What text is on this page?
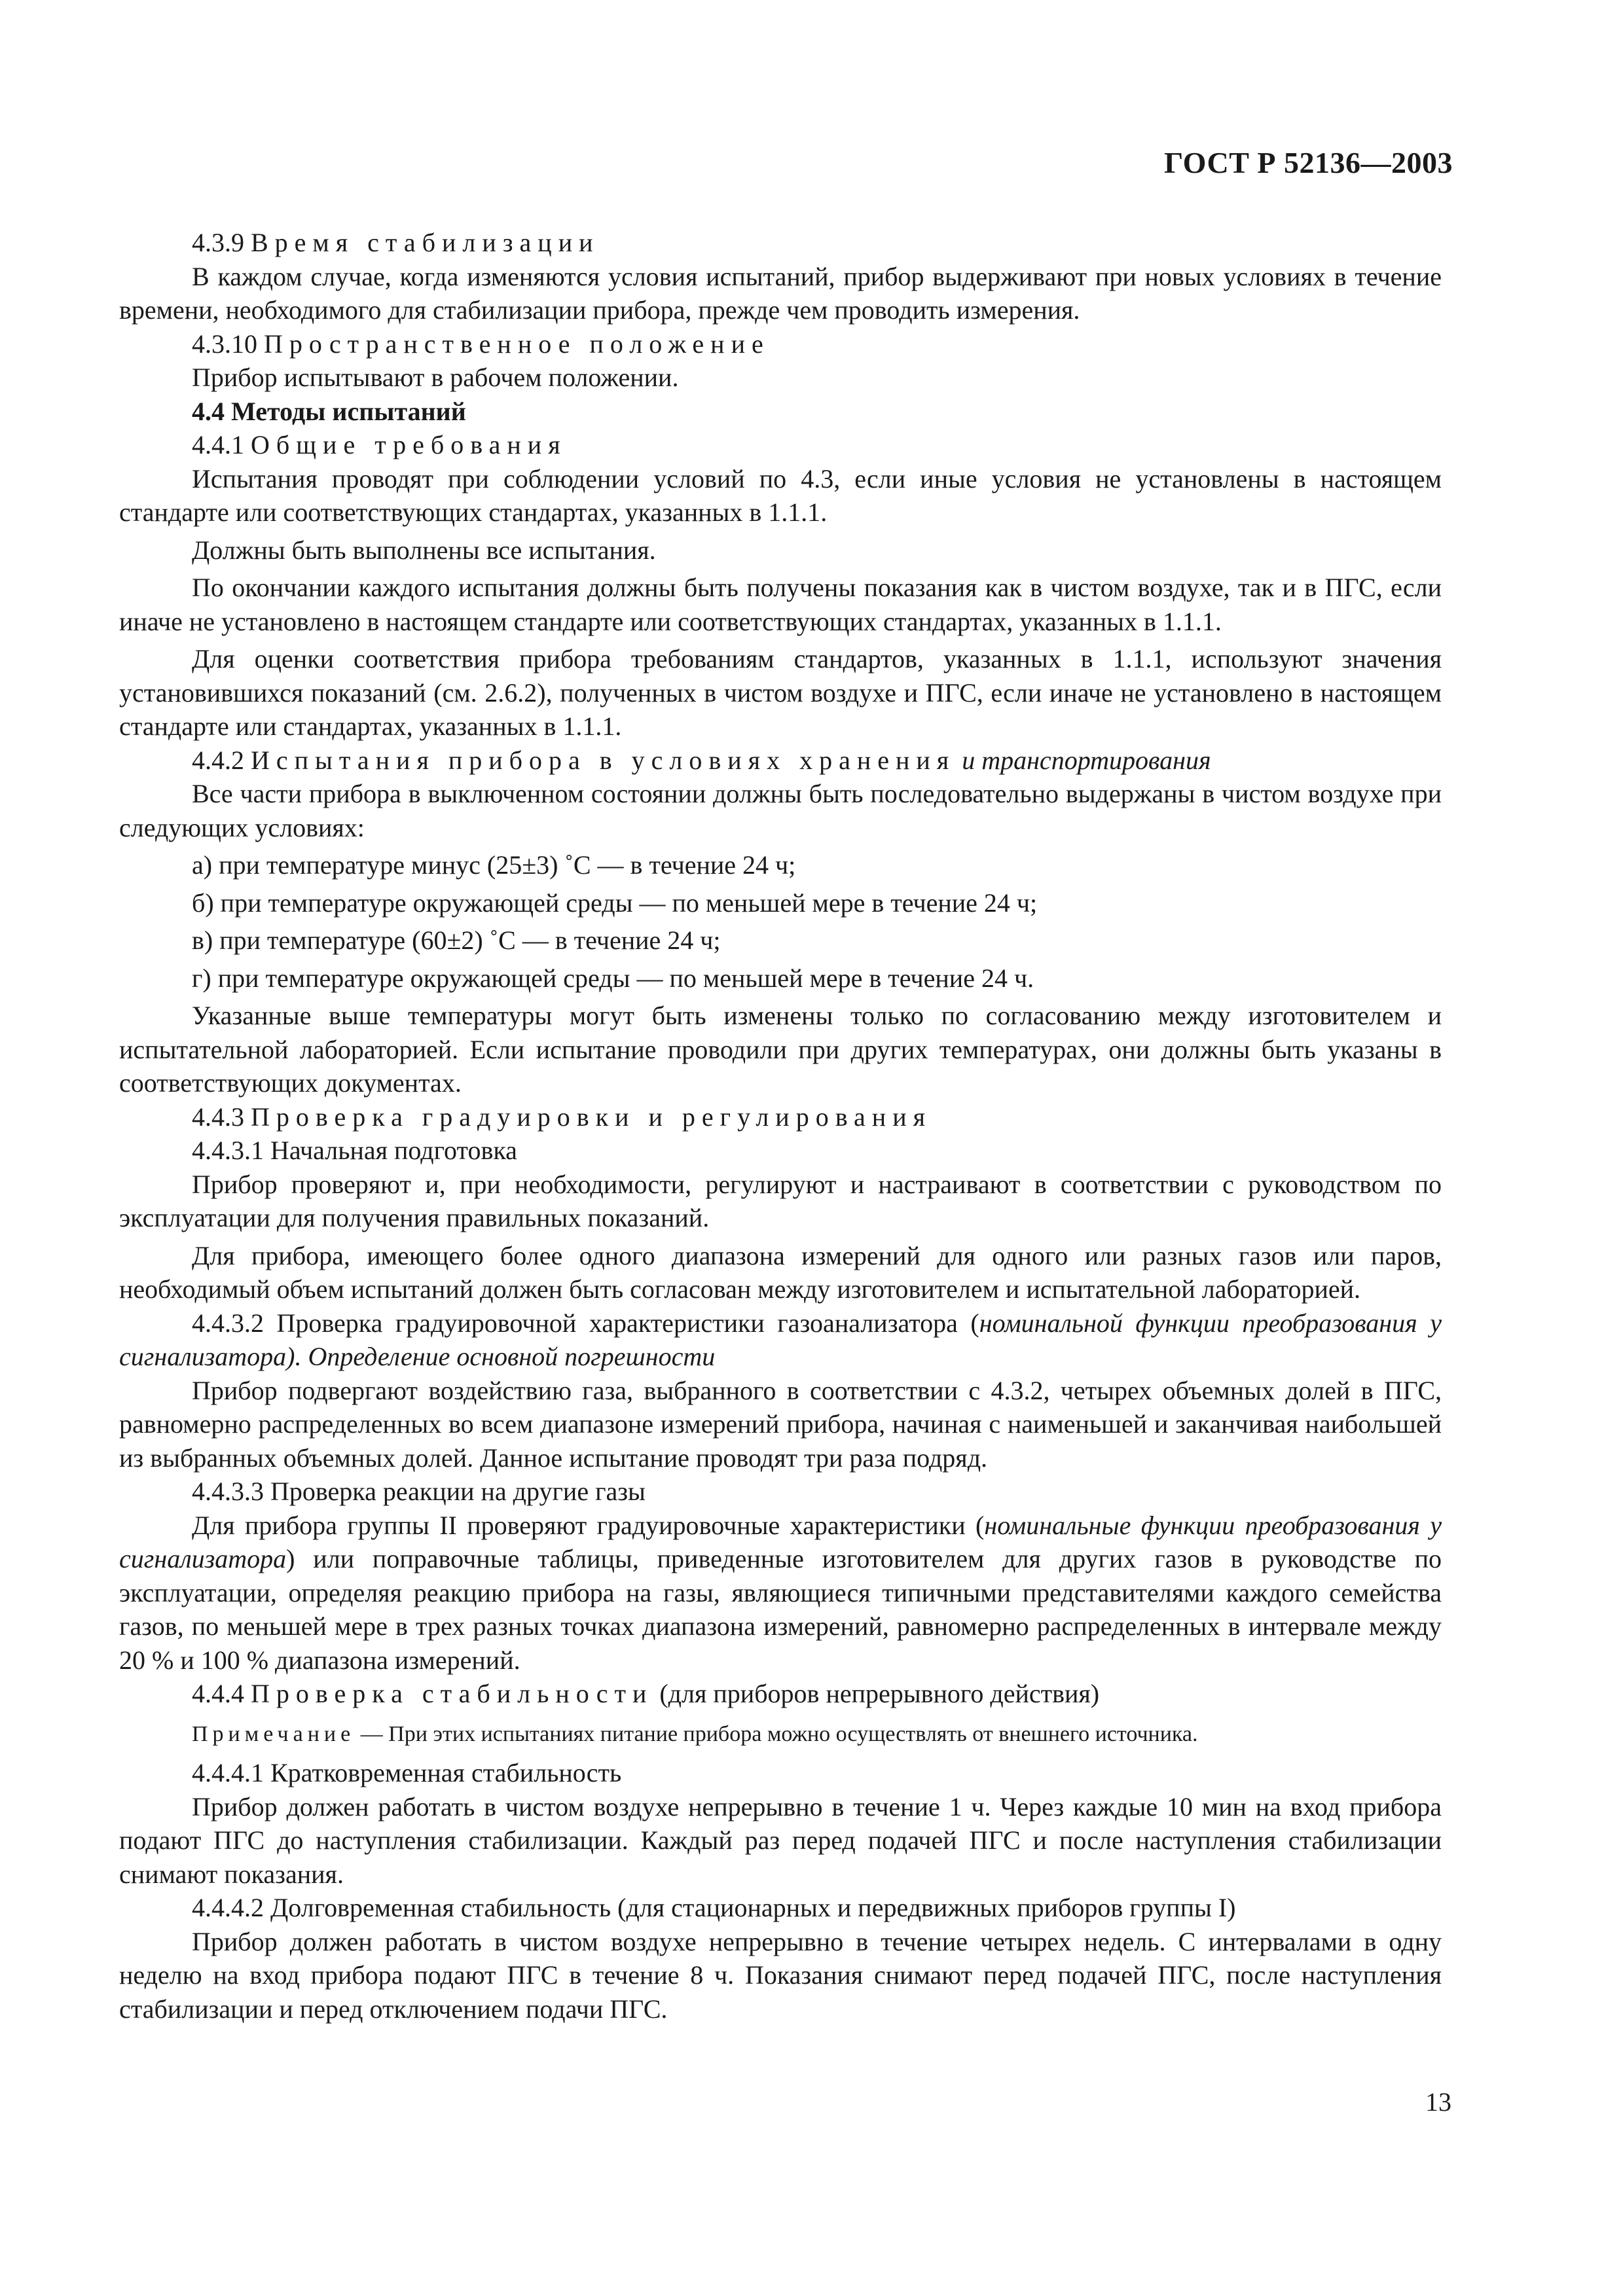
ГОСТ Р 52136—2003

4.3.9 Время стабилизации

В каждом случае, когда изменяются условия испытаний, прибор выдерживают при новых условиях в течение времени, необходимого для стабилизации прибора, прежде чем проводить измерения.

4.3.10 Пространственное положение

Прибор испытывают в рабочем положении.

4.4 Методы испытаний

4.4.1 Общие требования

Испытания проводят при соблюдении условий по 4.3, если иные условия не установлены в настоящем стандарте или соответствующих стандартах, указанных в 1.1.1.

Должны быть выполнены все испытания.

По окончании каждого испытания должны быть получены показания как в чистом воздухе, так и в ПГС, если иначе не установлено в настоящем стандарте или соответствующих стандартах, указанных в 1.1.1.

Для оценки соответствия прибора требованиям стандартов, указанных в 1.1.1, используют значения установившихся показаний (см. 2.6.2), полученных в чистом воздухе и ПГС, если иначе не установлено в настоящем стандарте или стандартах, указанных в 1.1.1.

4.4.2 Испытания прибора в условиях хранения и транспортирования

Все части прибора в выключенном состоянии должны быть последовательно выдержаны в чистом воздухе при следующих условиях:

а) при температуре минус (25±3) ˚С — в течение 24 ч;

б) при температуре окружающей среды — по меньшей мере в течение 24 ч;

в) при температуре (60±2) ˚С — в течение 24 ч;

г) при температуре окружающей среды — по меньшей мере в течение 24 ч.

Указанные выше температуры могут быть изменены только по согласованию между изготовителем и испытательной лабораторией. Если испытание проводили при других температурах, они должны быть указаны в соответствующих документах.

4.4.3 Проверка градуировки и регулирования

4.4.3.1 Начальная подготовка

Прибор проверяют и, при необходимости, регулируют и настраивают в соответствии с руководством по эксплуатации для получения правильных показаний.

Для прибора, имеющего более одного диапазона измерений для одного или разных газов или паров, необходимый объем испытаний должен быть согласован между изготовителем и испытательной лабораторией.

4.4.3.2 Проверка градуировочной характеристики газоанализатора (номинальной функции преобразования у сигнализатора). Определение основной погрешности

Прибор подвергают воздействию газа, выбранного в соответствии с 4.3.2, четырех объемных долей в ПГС, равномерно распределенных во всем диапазоне измерений прибора, начиная с наименьшей и заканчивая наибольшей из выбранных объемных долей. Данное испытание проводят три раза подряд.

4.4.3.3 Проверка реакции на другие газы

Для прибора группы II проверяют градуировочные характеристики (номинальные функции преобразования у сигнализатора) или поправочные таблицы, приведенные изготовителем для других газов в руководстве по эксплуатации, определяя реакцию прибора на газы, являющиеся типичными представителями каждого семейства газов, по меньшей мере в трех разных точках диапазона измерений, равномерно распределенных в интервале между 20 % и 100 % диапазона измерений.

4.4.4 Проверка стабильности (для приборов непрерывного действия)

Примечание — При этих испытаниях питание прибора можно осуществлять от внешнего источника.

4.4.4.1 Кратковременная стабильность

Прибор должен работать в чистом воздухе непрерывно в течение 1 ч. Через каждые 10 мин на вход прибора подают ПГС до наступления стабилизации. Каждый раз перед подачей ПГС и после наступления стабилизации снимают показания.

4.4.4.2 Долговременная стабильность (для стационарных и передвижных приборов группы I)

Прибор должен работать в чистом воздухе непрерывно в течение четырех недель. С интервалами в одну неделю на вход прибора подают ПГС в течение 8 ч. Показания снимают перед подачей ПГС, после наступления стабилизации и перед отключением подачи ПГС.

13
